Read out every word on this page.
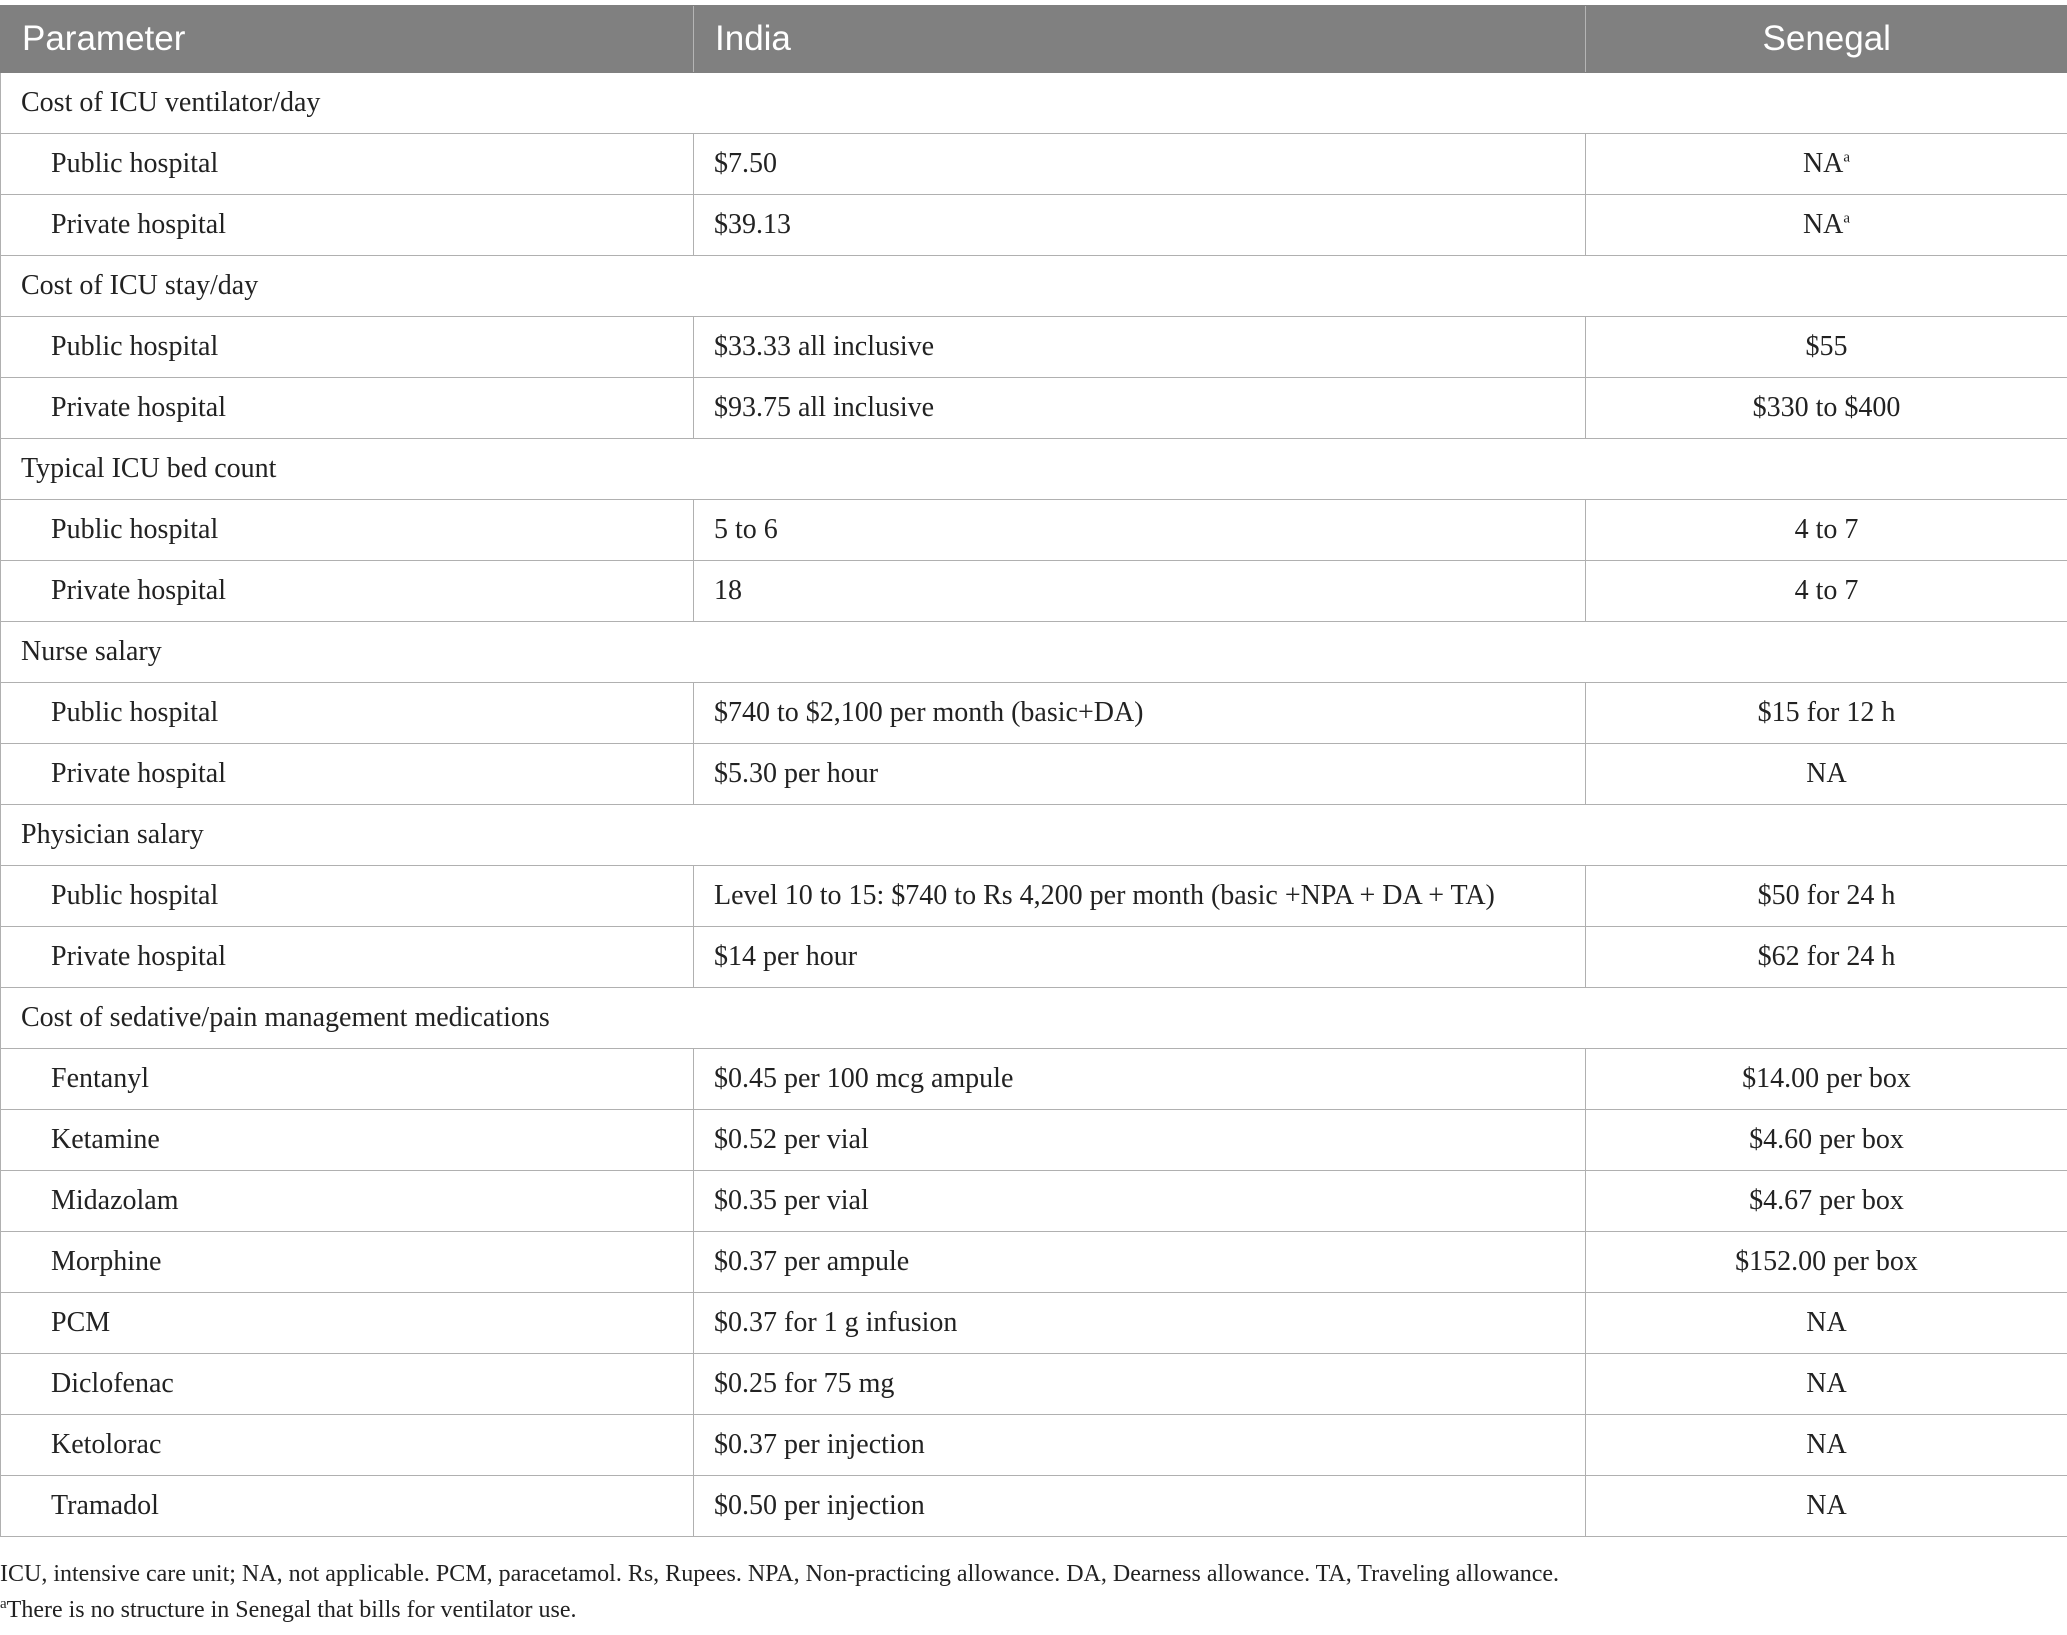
Parameter	India	Senegal
Cost of ICU ventilator/day		
Public hospital	$7.50	$NA^a$
Private hospital	$39.13	$NA^a$
Cost of ICU stay/day		
Public hospital	$33.33 all inclusive	$55
Private hospital	$93.75 all inclusive	$330 to $400
Typical ICU bed count		
Public hospital	5 to 6	4 to 7
Private hospital	18	4 to 7
Nurse salary		
Public hospital	$740 to $2,100 per month (basic+DA)	$15 for 12 h
Private hospital	$5.30 per hour	NA
Physician salary		
Public hospital	Level 10 to 15: $740 to Rs 4,200 per month (basic +NPA + DA + TA)	$50 for 24 h
Private hospital	$14 per hour	$62 for 24 h
Cost of sedative/pain management medications		
Fentanyl	$0.45 per 100 mcg ampule	$14.00 per box
Ketamine	$0.52 per vial	$4.60 per box
Midazolam	$0.35 per vial	$4.67 per box
Morphine	$0.37 per ampule	$152.00 per box
PCM	$0.37 for 1 g infusion	NA
Diclofenac	$0.25 for 75 mg	NA
Ketolorac	$0.37 per injection	NA
Tramadol	$0.50 per injection	NA

ICU, intensive care unit; NA, not applicable. PCM, paracetamol. Rs, Rupees. NPA, Non-practicing allowance. DA, Dearness allowance. TA, Traveling allowance.

$^a$There is no structure in Senegal that bills for ventilator use.
